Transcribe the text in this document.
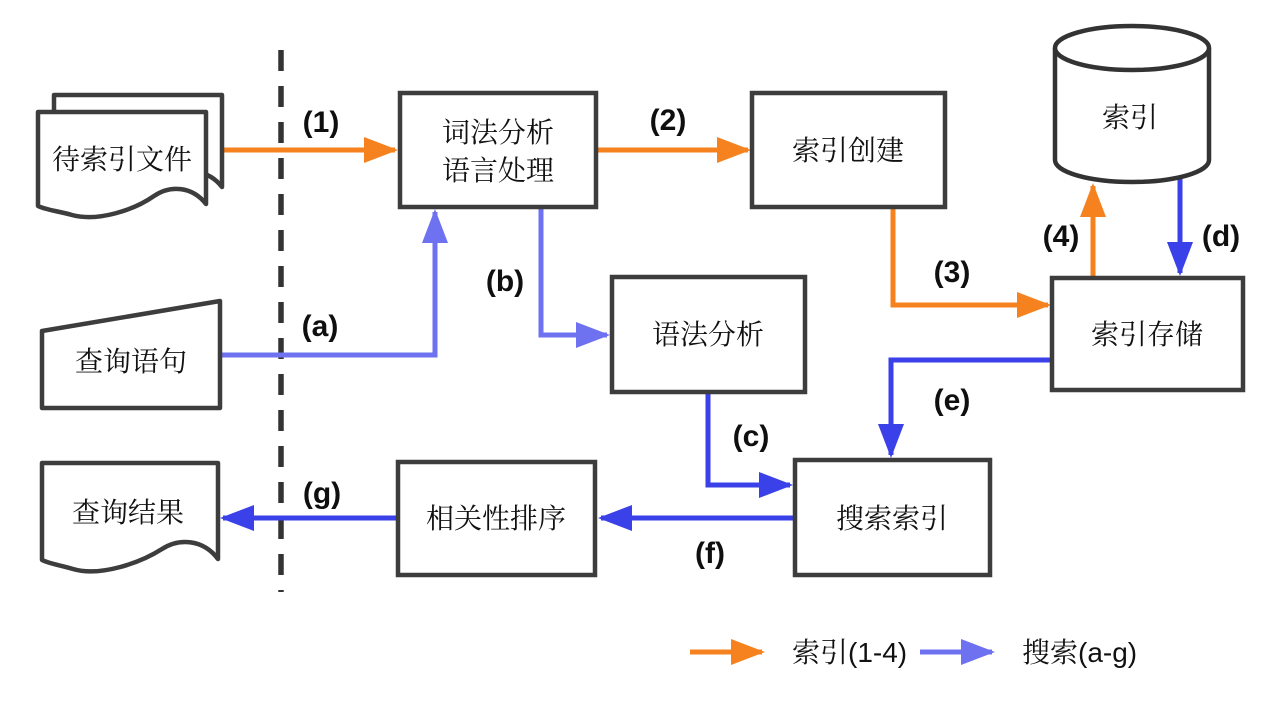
待索引文件
词法分析
语言处理
索引创建
索引
索引存储
语法分析
查询语句
搜索索引
相关性排序
查询结果
(1)	(2)
(3)
(4)
(a)
(b)
(c)
(d)
(e)
(f)
(g)
索引(1-4)	搜索(a-g)
